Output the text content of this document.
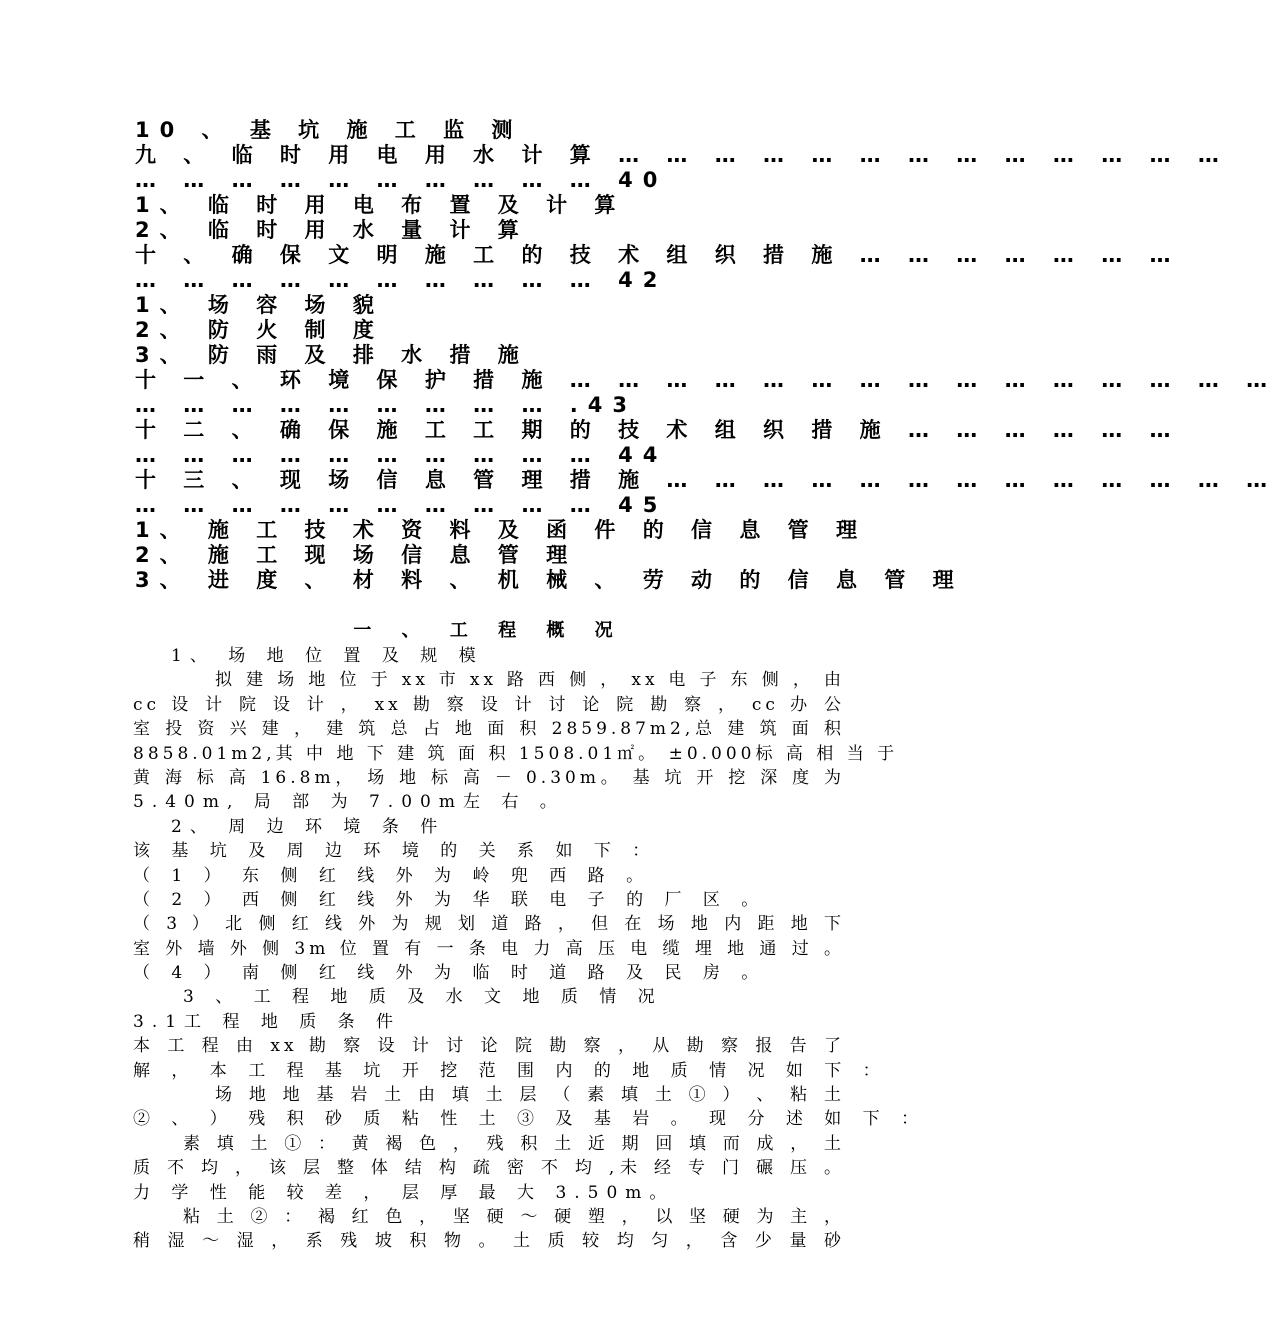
10 、 基 坑 施 工 监 测
九 、 临 时 用 电 用 水 计 算 … … … … … … … … … … … … …
… … … … … … … … … … 40
1、 临 时 用 电 布 置 及 计 算
2、 临 时 用 水 量 计 算
十 、 确 保 文 明 施 工 的 技 术 组 织 措 施 … … … … … … …
… … … … … … … … … … 42
1、 场 容 场 貌
2、 防 火 制 度
3、 防 雨 及 排 水 措 施
十 一 、 环 境 保 护 措 施 … … … … … … … … … … … … … … …
… … … … … … … … … .43
十 二 、 确 保 施 工 工 期 的 技 术 组 织 措 施 … … … … … …
… … … … … … … … … … 44
十 三 、 现 场 信 息 管 理 措 施 … … … … … … … … … … … … …
… … … … … … … … … … 45
1、 施 工 技 术 资 料 及 函 件 的 信 息 管 理
2、 施 工 现 场 信 息 管 理
3、 进 度 、 材 料 、 机 械 、 劳 动 的 信 息 管 理
一 、 工 程 概 况
1、 场 地 位 置 及 规 模
拟 建 场 地 位 于 xx 市 xx 路 西 侧 ， xx 电 子 东 侧 ， 由
cc 设 计 院 设 计 ， xx 勘 察 设 计 讨 论 院 勘 察 ， cc 办 公
室 投 资 兴 建 ， 建 筑 总 占 地 面 积 2859.87m2,总 建 筑 面 积
8858.01m2,其 中 地 下 建 筑 面 积 1508.01㎡。 ±0.000标 高 相 当 于
黄 海 标 高 16.8m， 场 地 标 高 － 0.30m。 基 坑 开 挖 深 度 为
5.40m, 局 部 为 7.00m左 右 。
2、 周 边 环 境 条 件
该 基 坑 及 周 边 环 境 的 关 系 如 下 ：
（ 1 ） 东 侧 红 线 外 为 岭 兜 西 路 。
（ 2 ） 西 侧 红 线 外 为 华 联 电 子 的 厂 区 。
（ 3 ） 北 侧 红 线 外 为 规 划 道 路 ， 但 在 场 地 内 距 地 下
室 外 墙 外 侧 3m 位 置 有 一 条 电 力 高 压 电 缆 埋 地 通 过 。
（ 4 ） 南 侧 红 线 外 为 临 时 道 路 及 民 房 。
3 、 工 程 地 质 及 水 文 地 质 情 况
3.1工 程 地 质 条 件
本 工 程 由 xx 勘 察 设 计 讨 论 院 勘 察 ， 从 勘 察 报 告 了
解 ， 本 工 程 基 坑 开 挖 范 围 内 的 地 质 情 况 如 下 ：
场 地 地 基 岩 土 由 填 土 层 （ 素 填 土 ① ） 、 粘 土
② 、 ） 残 积 砂 质 粘 性 土 ③ 及 基 岩 。 现 分 述 如 下 ：
素 填 土 ① ： 黄 褐 色 ， 残 积 土 近 期 回 填 而 成 ， 土
质 不 均 ， 该 层 整 体 结 构 疏 密 不 均 ,未 经 专 门 碾 压 。
力 学 性 能 较 差 ， 层 厚 最 大 3.50m。
粘 土 ② ： 褐 红 色 ， 坚 硬 ～ 硬 塑 ， 以 坚 硬 为 主 ，
稍 湿 ～ 湿 ， 系 残 坡 积 物 。 土 质 较 均 匀 ， 含 少 量 砂
